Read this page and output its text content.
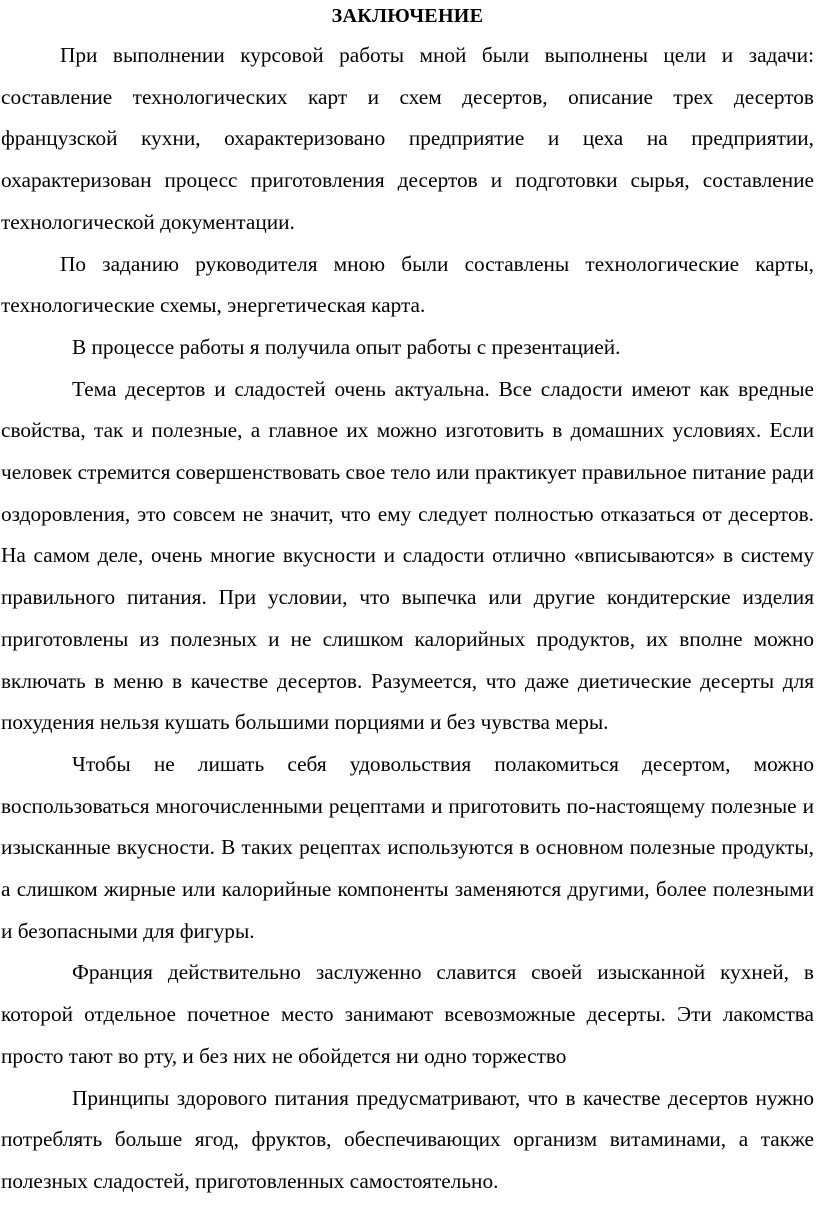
ЗАКЛЮЧЕНИЕ

При выполнении курсовой работы мной были выполнены цели и задачи: составление технологических карт и схем десертов, описание трех десертов французской кухни, охарактеризовано предприятие и цеха на предприятии, охарактеризован процесс приготовления десертов и подготовки сырья, составление технологической документации.

По заданию руководителя мною были составлены технологические карты, технологические схемы, энергетическая карта.

В процессе работы я получила опыт работы с презентацией.

Тема десертов и сладостей очень актуальна. Все сладости имеют как вредные свойства, так и полезные, а главное их можно изготовить в домашних условиях. Если человек стремится совершенствовать свое тело или практикует правильное питание ради оздоровления, это совсем не значит, что ему следует полностью отказаться от десертов. На самом деле, очень многие вкусности и сладости отлично «вписываются» в систему правильного питания. При условии, что выпечка или другие кондитерские изделия приготовлены из полезных и не слишком калорийных продуктов, их вполне можно включать в меню в качестве десертов. Разумеется, что даже диетические десерты для похудения нельзя кушать большими порциями и без чувства меры.

Чтобы не лишать себя удовольствия полакомиться десертом, можно воспользоваться многочисленными рецептами и приготовить по-настоящему полезные и изысканные вкусности. В таких рецептах используются в основном полезные продукты, а слишком жирные или калорийные компоненты заменяются другими, более полезными и безопасными для фигуры.

Франция действительно заслуженно славится своей изысканной кухней, в которой отдельное почетное место занимают всевозможные десерты. Эти лакомства просто тают во рту, и без них не обойдется ни одно торжество

Принципы здорового питания предусматривают, что в качестве десертов нужно потреблять больше ягод, фруктов, обеспечивающих организм витаминами, а также полезных сладостей, приготовленных самостоятельно.
